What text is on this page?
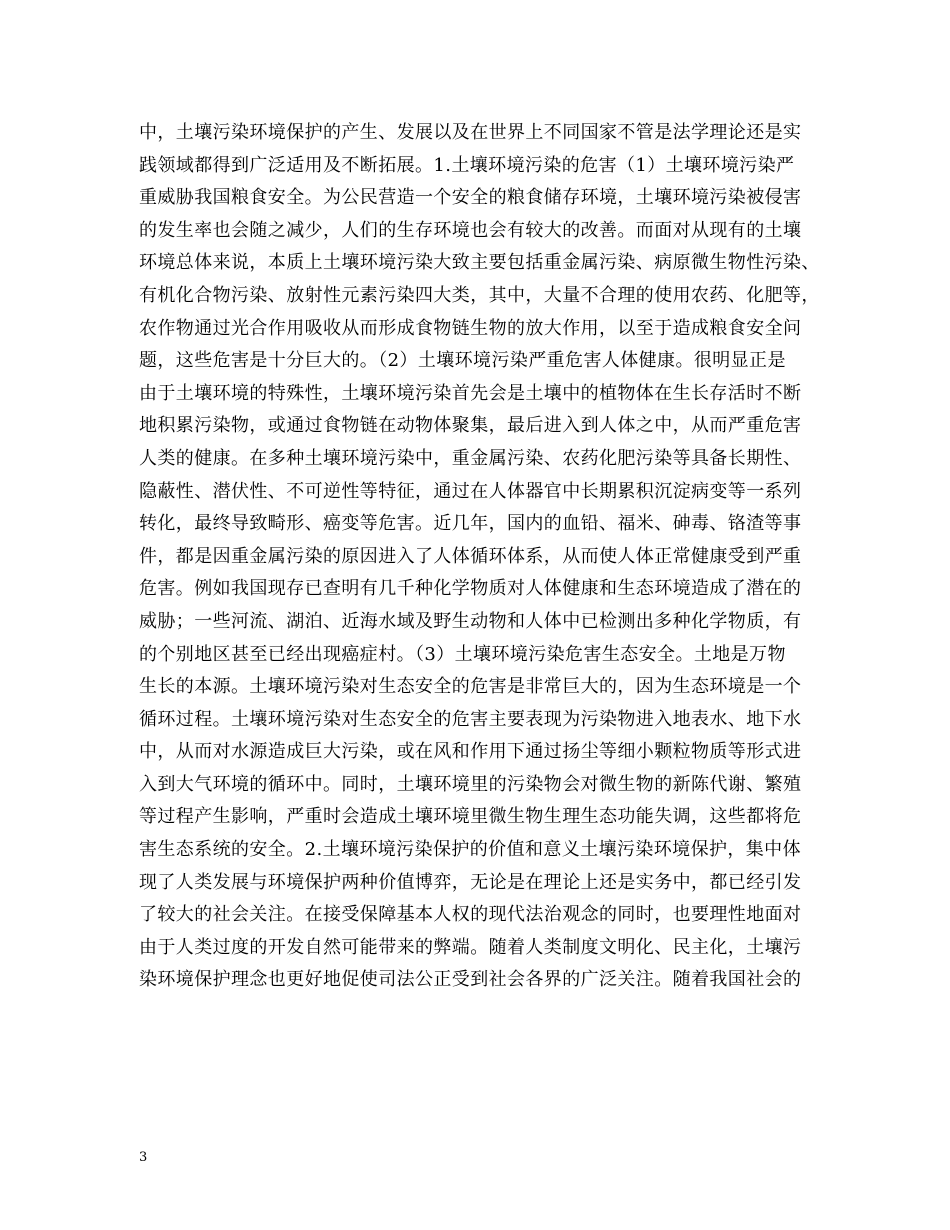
中，土壤污染环境保护的产生、发展以及在世界上不同国家不管是法学理论还是实
践领域都得到广泛适用及不断拓展。1.土壤环境污染的危害（1）土壤环境污染严
重威胁我国粮食安全。为公民营造一个安全的粮食储存环境，土壤环境污染被侵害
的发生率也会随之减少，人们的生存环境也会有较大的改善。而面对从现有的土壤
环境总体来说，本质上土壤环境污染大致主要包括重金属污染、病原微生物性污染、
有机化合物污染、放射性元素污染四大类，其中，大量不合理的使用农药、化肥等，
农作物通过光合作用吸收从而形成食物链生物的放大作用，以至于造成粮食安全问
题，这些危害是十分巨大的。（2）土壤环境污染严重危害人体健康。很明显正是
由于土壤环境的特殊性，土壤环境污染首先会是土壤中的植物体在生长存活时不断
地积累污染物，或通过食物链在动物体聚集，最后进入到人体之中，从而严重危害
人类的健康。在多种土壤环境污染中，重金属污染、农药化肥污染等具备长期性、
隐蔽性、潜伏性、不可逆性等特征，通过在人体器官中长期累积沉淀病变等一系列
转化，最终导致畸形、癌变等危害。近几年，国内的血铅、福米、砷毒、铬渣等事
件，都是因重金属污染的原因进入了人体循环体系，从而使人体正常健康受到严重
危害。例如我国现存已查明有几千种化学物质对人体健康和生态环境造成了潜在的
威胁；一些河流、湖泊、近海水域及野生动物和人体中已检测出多种化学物质，有
的个别地区甚至已经出现癌症村。（3）土壤环境污染危害生态安全。土地是万物
生长的本源。土壤环境污染对生态安全的危害是非常巨大的，因为生态环境是一个
循环过程。土壤环境污染对生态安全的危害主要表现为污染物进入地表水、地下水
中，从而对水源造成巨大污染，或在风和作用下通过扬尘等细小颗粒物质等形式进
入到大气环境的循环中。同时，土壤环境里的污染物会对微生物的新陈代谢、繁殖
等过程产生影响，严重时会造成土壤环境里微生物生理生态功能失调，这些都将危
害生态系统的安全。2.土壤环境污染保护的价值和意义土壤污染环境保护，集中体
现了人类发展与环境保护两种价值博弈，无论是在理论上还是实务中，都已经引发
了较大的社会关注。在接受保障基本人权的现代法治观念的同时，也要理性地面对
由于人类过度的开发自然可能带来的弊端。随着人类制度文明化、民主化，土壤污
染环境保护理念也更好地促使司法公正受到社会各界的广泛关注。随着我国社会的
3
